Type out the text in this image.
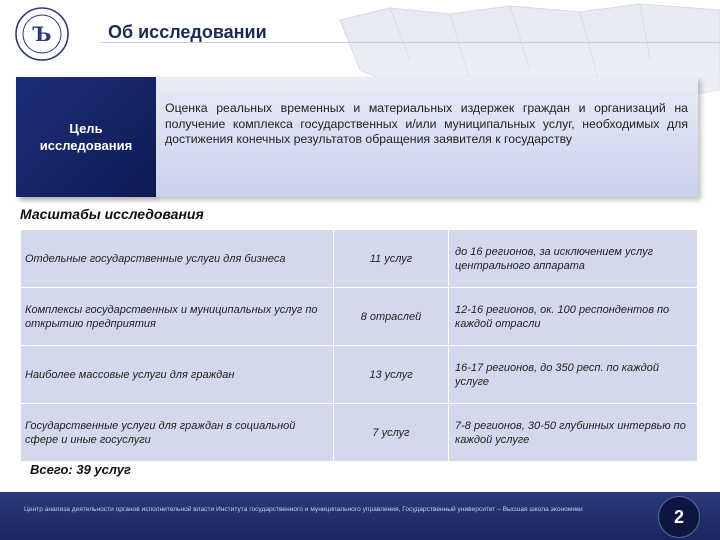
Ъ	Об исследовании
Цель
исследования

Оценка реальных временных и материальных издержек граждан и организаций на получение комплекса государственных и/или муниципальных услуг, необходимых для достижения конечных результатов обращения заявителя к государству

Масштабы исследования
Отдельные государственные услуги для бизнеса	11 услуг	до 16 регионов, за исключением услуг центрального аппарата
Комплексы государственных и муниципальных услуг по открытию предприятия	8 отраслей	12-16 регионов, ок. 100 респондентов по каждой отрасли
Наиболее массовые услуги для граждан	13 услуг	16-17 регионов, до 350 респ. по каждой услуге
Государственные услуги для граждан в социальной сфере и иные госуслуги	7 услуг	7-8 регионов, 30-50 глубинных интервью по каждой услуге
Всего: 39 услуг
Центр анализа деятельности органов исполнительной власти Института государственного и муниципального управления, Государственный университет – Высшая школа экономики	2
